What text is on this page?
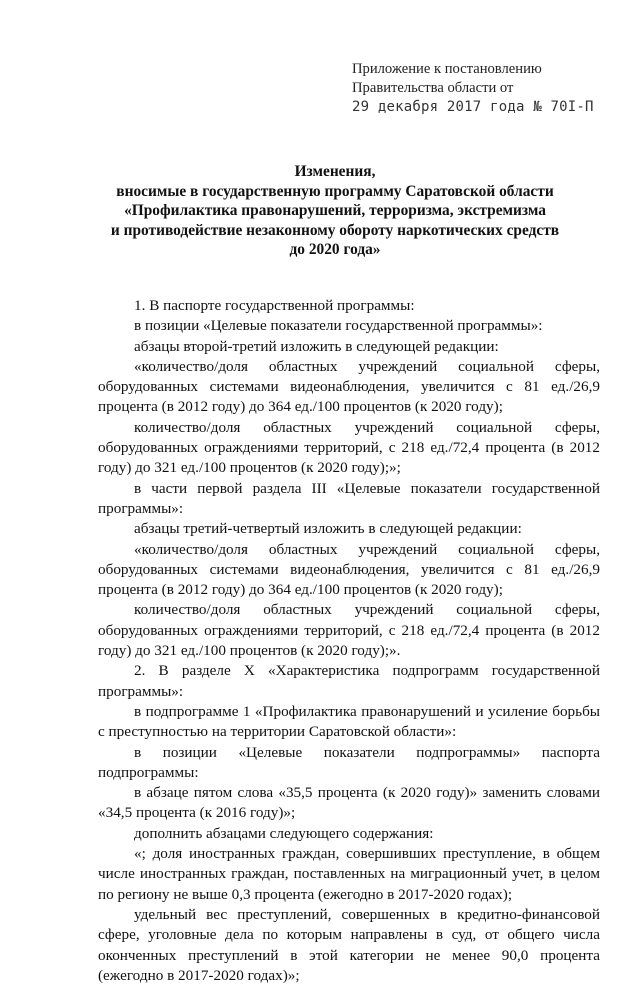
Приложение к постановлению
Правительства области от
29 декабря 2017 года № 70I-П
Изменения,
вносимые в государственную программу Саратовской области
«Профилактика правонарушений, терроризма, экстремизма
и противодействие незаконному обороту наркотических средств
до 2020 года»

1. В паспорте государственной программы:

в позиции «Целевые показатели государственной программы»:

абзацы второй-третий изложить в следующей редакции:

«количество/доля областных учреждений социальной сферы, оборудованных системами видеонаблюдения, увеличится с 81 ед./26,9 процента (в 2012 году) до 364 ед./100 процентов (к 2020 году);

количество/доля областных учреждений социальной сферы, оборудованных ограждениями территорий, с 218 ед./72,4 процента (в 2012 году) до 321 ед./100 процентов (к 2020 году);»;

в части первой раздела III «Целевые показатели государственной программы»:

абзацы третий-четвертый изложить в следующей редакции:

«количество/доля областных учреждений социальной сферы, оборудованных системами видеонаблюдения, увеличится с 81 ед./26,9 процента (в 2012 году) до 364 ед./100 процентов (к 2020 году);

количество/доля областных учреждений социальной сферы, оборудованных ограждениями территорий, с 218 ед./72,4 процента (в 2012 году) до 321 ед./100 процентов (к 2020 году);».

2. В разделе X «Характеристика подпрограмм государственной программы»:

в подпрограмме 1 «Профилактика правонарушений и усиление борьбы с преступностью на территории Саратовской области»:

в позиции «Целевые показатели подпрограммы» паспорта подпрограммы:

в абзаце пятом слова «35,5 процента (к 2020 году)» заменить словами «34,5 процента (к 2016 году)»;

дополнить абзацами следующего содержания:

«; доля иностранных граждан, совершивших преступление, в общем числе иностранных граждан, поставленных на миграционный учет, в целом по региону не выше 0,3 процента (ежегодно в 2017-2020 годах);

удельный вес преступлений, совершенных в кредитно-финансовой сфере, уголовные дела по которым направлены в суд, от общего числа оконченных преступлений в этой категории не менее 90,0 процента (ежегодно в 2017-2020 годах)»;
